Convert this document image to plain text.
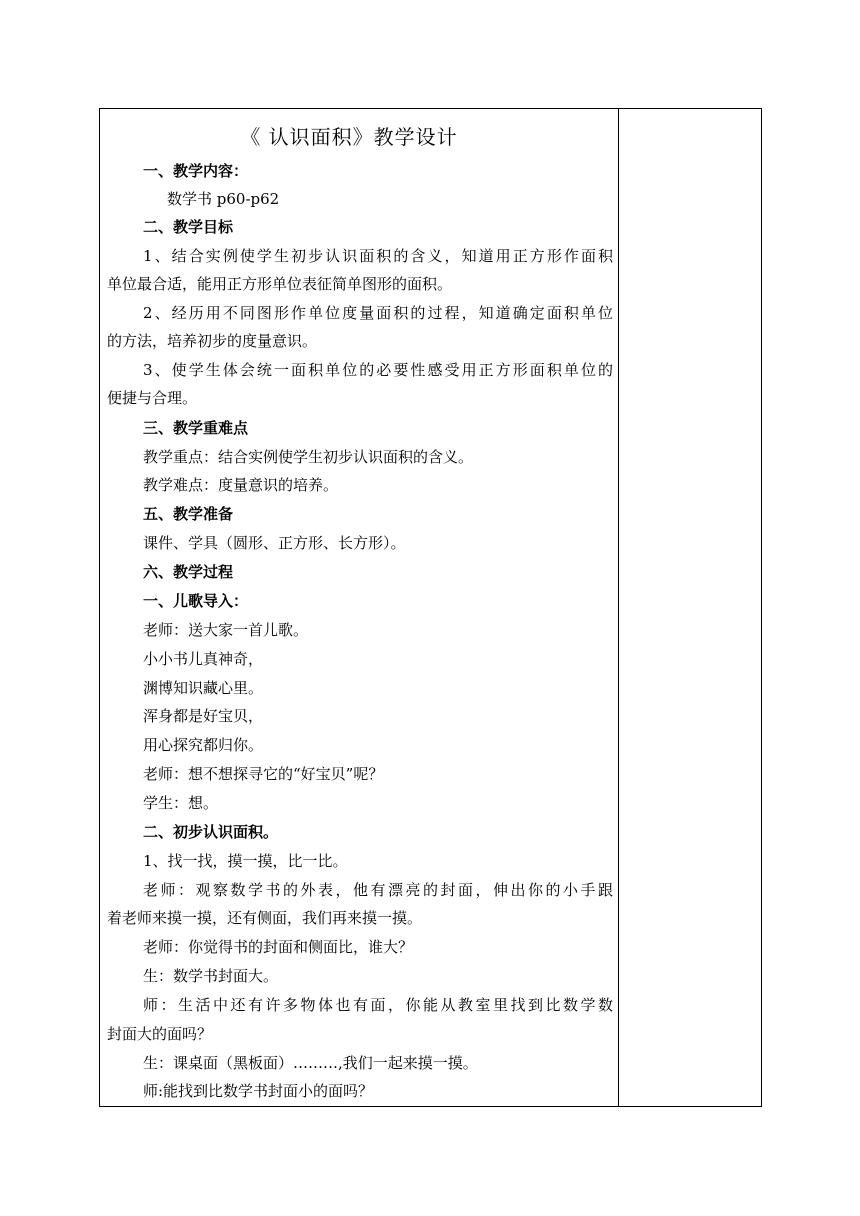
《 认识面积》教学设计
一、教学内容：
数学书 p60-p62
二、教学目标
1、结合实例使学生初步认识面积的含义，知道用正方形作面积
单位最合适，能用正方形单位表征简单图形的面积。
2、经历用不同图形作单位度量面积的过程，知道确定面积单位
的方法，培养初步的度量意识。
3、使学生体会统一面积单位的必要性感受用正方形面积单位的
便捷与合理。
三、教学重难点
教学重点：结合实例使学生初步认识面积的含义。
教学难点：度量意识的培养。
五、教学准备
课件、学具（圆形、正方形、长方形）。
六、教学过程
一、儿歌导入：
老师：送大家一首儿歌。
小小书儿真神奇，
渊博知识藏心里。
浑身都是好宝贝，
用心探究都归你。
老师：想不想探寻它的“好宝贝”呢？
学生：想。
二、初步认识面积。
1、找一找，摸一摸，比一比。
老师：观察数学书的外表，他有漂亮的封面，伸出你的小手跟
着老师来摸一摸，还有侧面，我们再来摸一摸。
老师：你觉得书的封面和侧面比，谁大？
生：数学书封面大。
师：生活中还有许多物体也有面，你能从教室里找到比数学数
封面大的面吗？
生：课桌面（黑板面）………,我们一起来摸一摸。
师:能找到比数学书封面小的面吗？
